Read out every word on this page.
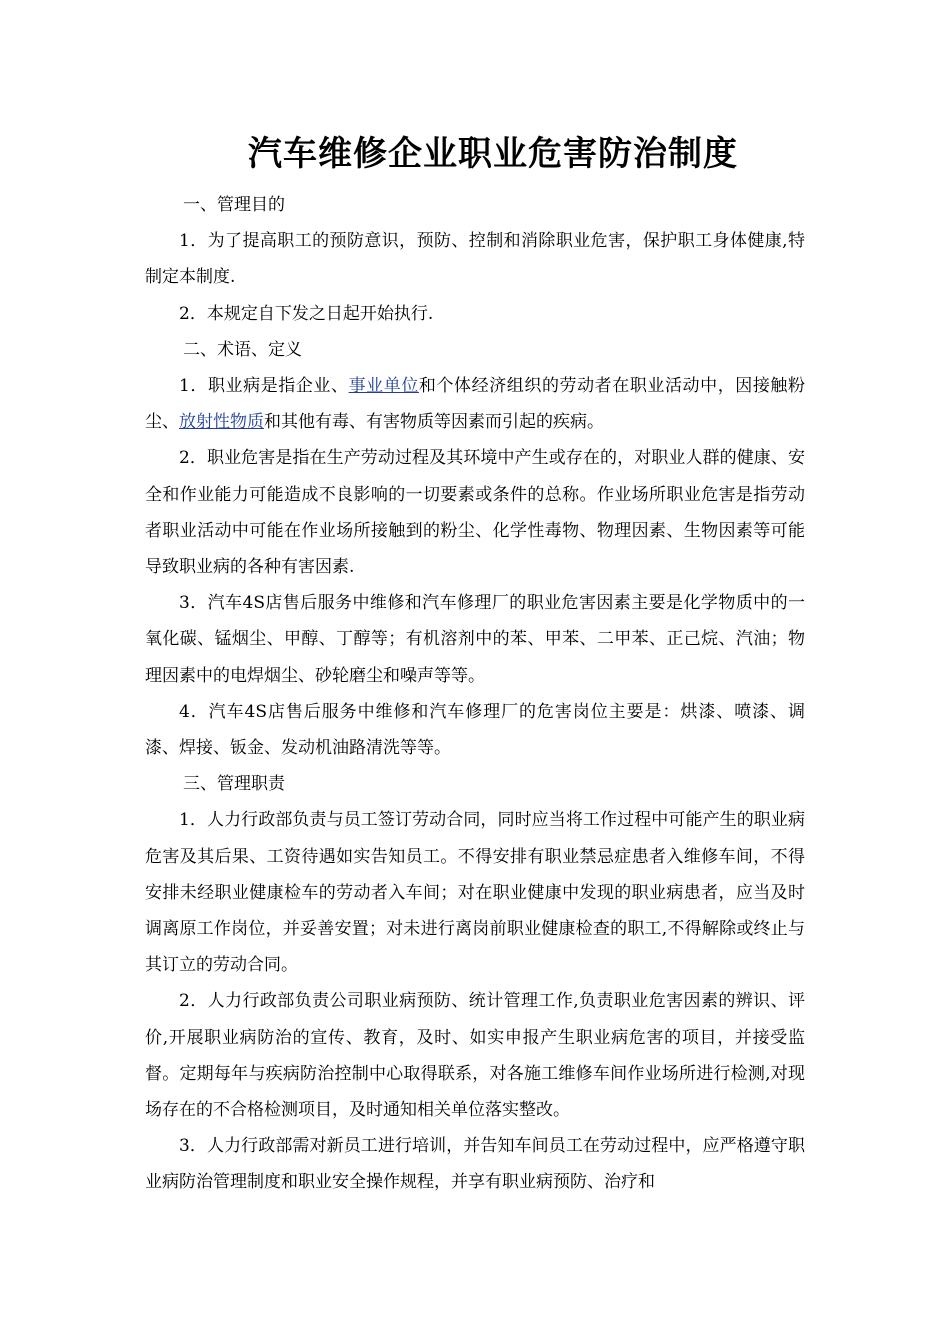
汽车维修企业职业危害防治制度

一、管理目的

1．为了提高职工的预防意识，预防、控制和消除职业危害，保护职工身体健康,特制定本制度.

2．本规定自下发之日起开始执行.

二、术语、定义

1．职业病是指企业、事业单位和个体经济组织的劳动者在职业活动中，因接触粉尘、放射性物质和其他有毒、有害物质等因素而引起的疾病。

2．职业危害是指在生产劳动过程及其环境中产生或存在的，对职业人群的健康、安全和作业能力可能造成不良影响的一切要素或条件的总称。作业场所职业危害是指劳动者职业活动中可能在作业场所接触到的粉尘、化学性毒物、物理因素、生物因素等可能导致职业病的各种有害因素.

3．汽车4S店售后服务中维修和汽车修理厂的职业危害因素主要是化学物质中的一氧化碳、锰烟尘、甲醇、丁醇等；有机溶剂中的苯、甲苯、二甲苯、正己烷、汽油；物理因素中的电焊烟尘、砂轮磨尘和噪声等等。

4．汽车4S店售后服务中维修和汽车修理厂的危害岗位主要是：烘漆、喷漆、调漆、焊接、钣金、发动机油路清洗等等。

三、管理职责

1．人力行政部负责与员工签订劳动合同，同时应当将工作过程中可能产生的职业病危害及其后果、工资待遇如实告知员工。不得安排有职业禁忌症患者入维修车间，不得安排未经职业健康检车的劳动者入车间；对在职业健康中发现的职业病患者，应当及时调离原工作岗位，并妥善安置；对未进行离岗前职业健康检查的职工,不得解除或终止与其订立的劳动合同。

2．人力行政部负责公司职业病预防、统计管理工作,负责职业危害因素的辨识、评价,开展职业病防治的宣传、教育，及时、如实申报产生职业病危害的项目，并接受监督。定期每年与疾病防治控制中心取得联系，对各施工维修车间作业场所进行检测,对现场存在的不合格检测项目，及时通知相关单位落实整改。

3．人力行政部需对新员工进行培训，并告知车间员工在劳动过程中，应严格遵守职业病防治管理制度和职业安全操作规程，并享有职业病预防、治疗和
